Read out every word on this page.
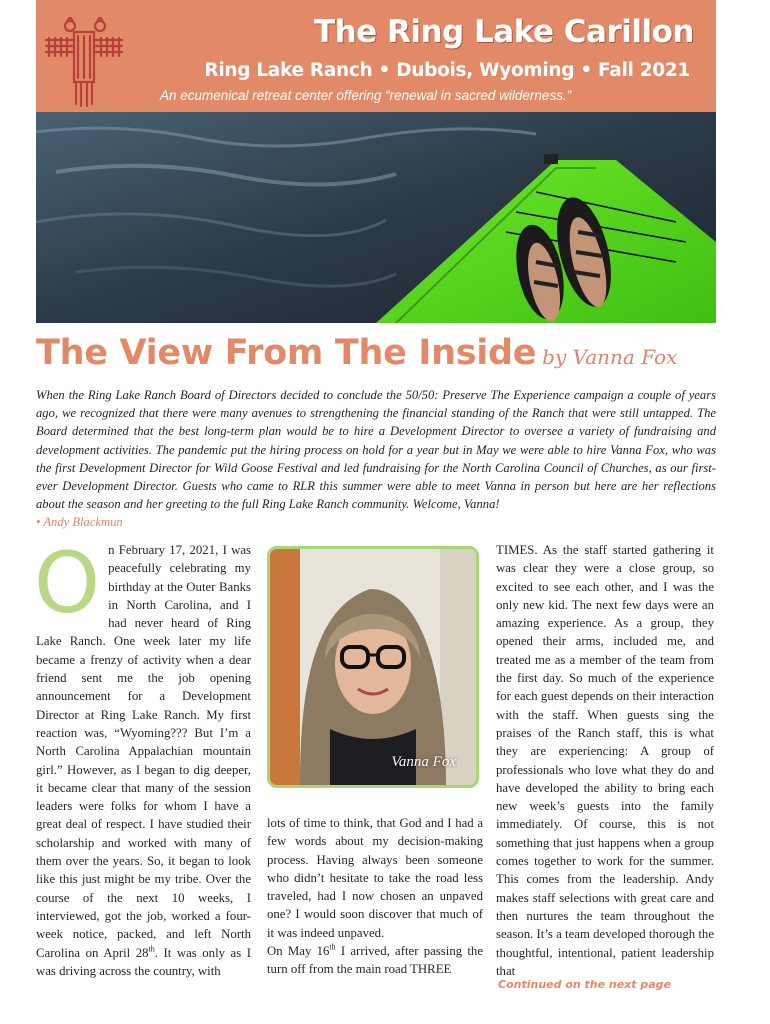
The Ring Lake Carillon
Ring Lake Ranch • Dubois, Wyoming • Fall 2021
An ecumenical retreat center offering “renewal in sacred wilderness.”
The View From The Inside by Vanna Fox
When the Ring Lake Ranch Board of Directors decided to conclude the 50/50: Preserve The Experience campaign a couple of years ago, we recognized that there were many avenues to strengthening the financial standing of the Ranch that were still untapped. The Board determined that the best long-term plan would be to hire a Development Director to oversee a variety of fundraising and development activities. The pandemic put the hiring process on hold for a year but in May we were able to hire Vanna Fox, who was the first Development Director for Wild Goose Festival and led fundraising for the North Carolina Council of Churches, as our first-ever Development Director. Guests who came to RLR this summer were able to meet Vanna in person but here are her reflections about the season and her greeting to the full Ring Lake Ranch community. Welcome, Vanna!
• Andy Blackmun
On February 17, 2021, I was peacefully celebrating my birthday at the Outer Banks in North Carolina, and I had never heard of Ring Lake Ranch. One week later my life became a frenzy of activity when a dear friend sent me the job opening announcement for a Development Director at Ring Lake Ranch. My first reaction was, “Wyoming??? But I’m a North Carolina Appalachian mountain girl.” However, as I began to dig deeper, it became clear that many of the session leaders were folks for whom I have a great deal of respect. I have studied their scholarship and worked with many of them over the years. So, it began to look like this just might be my tribe. Over the course of the next 10 weeks, I interviewed, got the job, worked a four-week notice, packed, and left North Carolina on April 28th. It was only as I was driving across the country, with
Vanna Fox
lots of time to think, that God and I had a few words about my decision-making process. Having always been someone who didn’t hesitate to take the road less traveled, had I now chosen an unpaved one? I would soon discover that much of it was indeed unpaved.
On May 16th I arrived, after passing the turn off from the main road THREE
TIMES. As the staff started gathering it was clear they were a close group, so excited to see each other, and I was the only new kid. The next few days were an amazing experience. As a group, they opened their arms, included me, and treated me as a member of the team from the first day. So much of the experience for each guest depends on their interaction with the staff. When guests sing the praises of the Ranch staff, this is what they are experiencing: A group of professionals who love what they do and have developed the ability to bring each new week’s guests into the family immediately. Of course, this is not something that just happens when a group comes together to work for the summer. This comes from the leadership. Andy makes staff selections with great care and then nurtures the team throughout the season. It’s a team developed thorough the thoughtful, intentional, patient leadership that
Continued on the next page
